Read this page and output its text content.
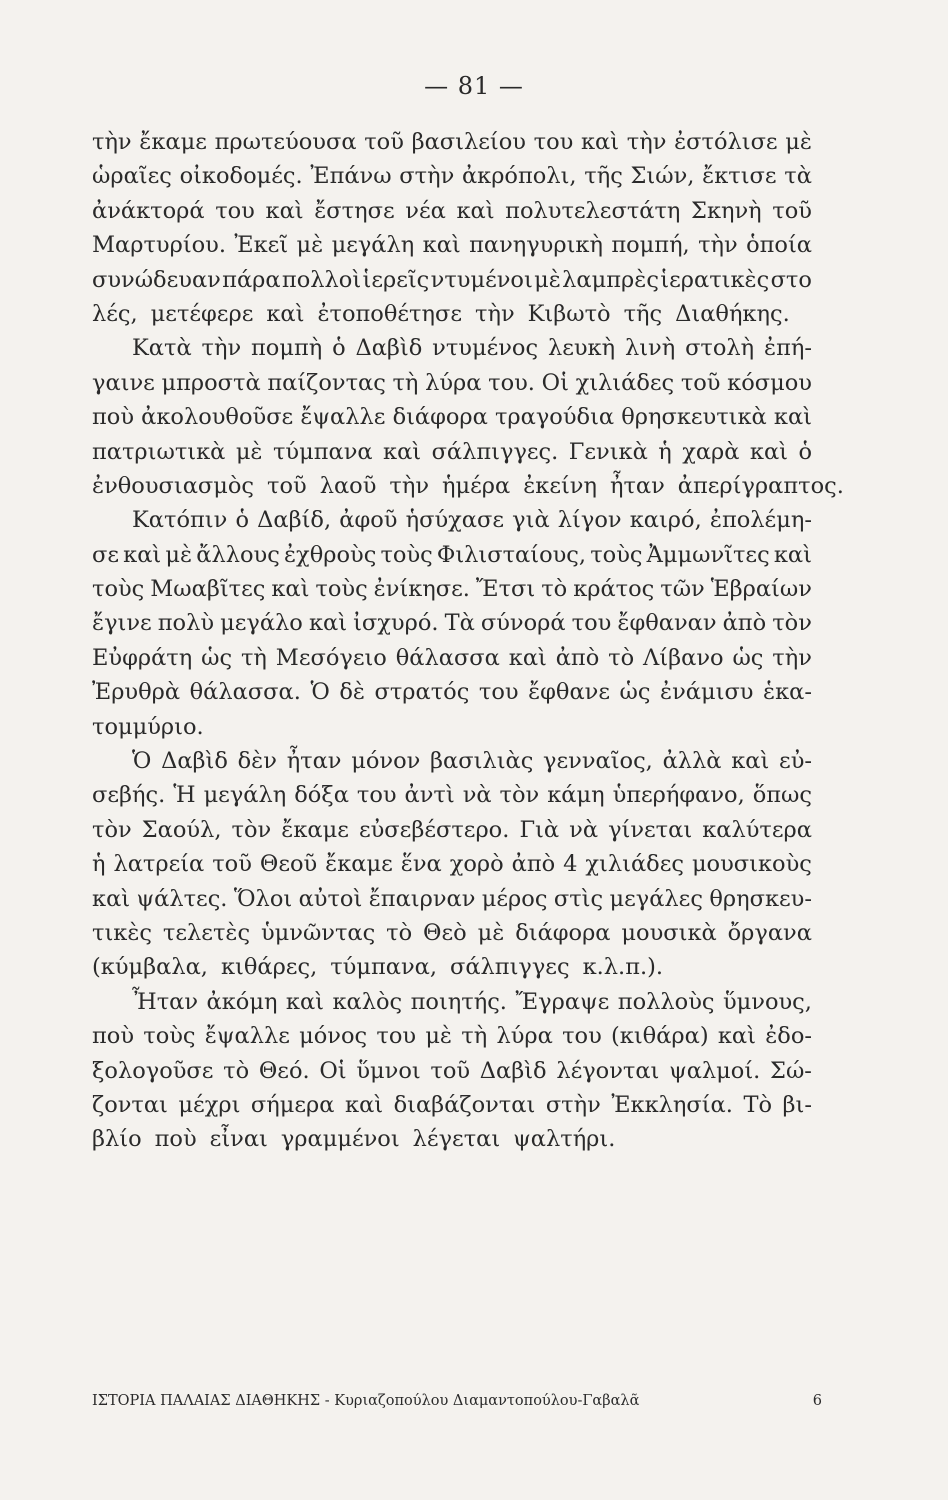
— 81 —
τὴν ἔκαμε πρωτεύουσα τοῦ βασιλείου του καὶ τὴν ἐστόλισε μὲ
ὡραῖες οἰκοδομές. Ἐπάνω στὴν ἀκρόπολι, τῆς Σιών, ἔκτισε τὰ
ἀνάκτορά του καὶ ἔστησε νέα καὶ πολυτελεστάτη Σκηνὴ τοῦ
Μαρτυρίου. Ἐκεῖ μὲ μεγάλη καὶ πανηγυρικὴ πομπή, τὴν ὁποία
συνώδευαν πάρα πολλοὶ ἱερεῖς ντυμένοι μὲ λαμπρὲς ἱερατικὲς στο
λές, μετέφερε καὶ ἐτοποθέτησε τὴν Κιβωτὸ τῆς Διαθήκης.
Κατὰ τὴν πομπὴ ὁ Δαβὶδ ντυμένος λευκὴ λινὴ στολὴ ἐπή-
γαινε μπροστὰ παίζοντας τὴ λύρα του. Οἱ χιλιάδες τοῦ κόσμου
ποὺ ἀκολουθοῦσε ἔψαλλε διάφορα τραγούδια θρησκευτικὰ καὶ
πατριωτικὰ μὲ τύμπανα καὶ σάλπιγγες. Γενικὰ ἡ χαρὰ καὶ ὁ
ἐνθουσιασμὸς τοῦ λαοῦ τὴν ἡμέρα ἐκείνη ἦταν ἀπερίγραπτος.
Κατόπιν ὁ Δαβίδ, ἀφοῦ ἡσύχασε γιὰ λίγον καιρό, ἐπολέμη-
σε καὶ μὲ ἄλλους ἐχθροὺς τοὺς Φιλισταίους, τοὺς Ἀμμωνῖτες καὶ
τοὺς Μωαβῖτες καὶ τοὺς ἐνίκησε. Ἔτσι τὸ κράτος τῶν Ἑβραίων
ἔγινε πολὺ μεγάλο καὶ ἰσχυρό. Τὰ σύνορά του ἔφθαναν ἀπὸ τὸν
Εὐφράτη ὡς τὴ Μεσόγειο θάλασσα καὶ ἀπὸ τὸ Λίβανο ὡς τὴν
Ἐρυθρὰ θάλασσα. Ὁ δὲ στρατός του ἔφθανε ὡς ἐνάμισυ ἑκα-
τομμύριο.
Ὁ Δαβὶδ δὲν ἦταν μόνον βασιλιὰς γενναῖος, ἀλλὰ καὶ εὐ-
σεβής. Ἡ μεγάλη δόξα του ἀντὶ νὰ τὸν κάμη ὑπερήφανο, ὅπως
τὸν Σαούλ, τὸν ἔκαμε εὐσεβέστερο. Γιὰ νὰ γίνεται καλύτερα
ἡ λατρεία τοῦ Θεοῦ ἔκαμε ἕνα χορὸ ἀπὸ 4 χιλιάδες μουσικοὺς
καὶ ψάλτες. Ὅλοι αὐτοὶ ἔπαιρναν μέρος στὶς μεγάλες θρησκευ-
τικὲς τελετὲς ὑμνῶντας τὸ Θεὸ μὲ διάφορα μουσικὰ ὄργανα
(κύμβαλα, κιθάρες, τύμπανα, σάλπιγγες κ.λ.π.).
Ἦταν ἀκόμη καὶ καλὸς ποιητής. Ἔγραψε πολλοὺς ὕμνους,
ποὺ τοὺς ἔψαλλε μόνος του μὲ τὴ λύρα του (κιθάρα) καὶ ἐδο-
ξολογοῦσε τὸ Θεό. Οἱ ὕμνοι τοῦ Δαβὶδ λέγονται ψαλμοί. Σώ-
ζονται μέχρι σήμερα καὶ διαβάζονται στὴν Ἐκκλησία. Τὸ βι-
βλίο ποὺ εἶναι γραμμένοι λέγεται ψαλτήρι.
ΙΣΤΟΡΙΑ ΠΑΛΑΙΑΣ ΔΙΑΘΗΚΗΣ - Κυριαζοπούλου Διαμαντοπούλου-Γαβαλᾶ	6
